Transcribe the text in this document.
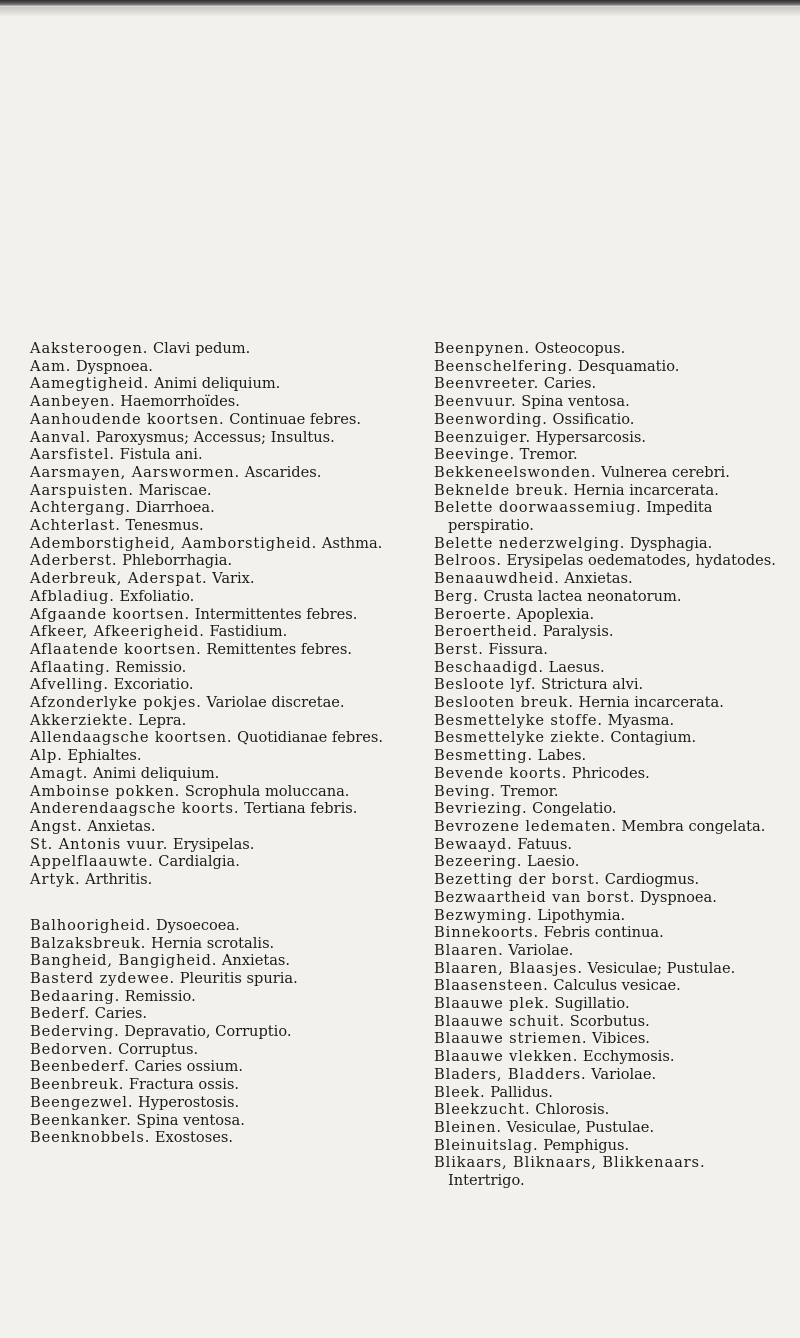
Aaksteroogen. Clavi pedum.

Aam. Dyspnoea.

Aamegtigheid. Animi deliquium.

Aanbeyen. Haemorrhoïdes.

Aanhoudende koortsen. Continuae febres.

Aanval. Paroxysmus; Accessus; Insultus.

Aarsfistel. Fistula ani.

Aarsmayen, Aarswormen. Ascarides.

Aarspuisten. Mariscae.

Achtergang. Diarrhoea.

Achterlast. Tenesmus.

Ademborstigheid, Aamborstigheid. Asthma.

Aderberst. Phleborrhagia.

Aderbreuk, Aderspat. Varix.

Afbladiug. Exfoliatio.

Afgaande koortsen. Intermittentes febres.

Afkeer, Afkeerigheid. Fastidium.

Aflaatende koortsen. Remittentes febres.

Aflaating. Remissio.

Afvelling. Excoriatio.

Afzonderlyke pokjes. Variolae discretae.

Akkerziekte. Lepra.

Allendaagsche koortsen. Quotidianae febres.

Alp. Ephialtes.

Amagt. Animi deliquium.

Amboinse pokken. Scrophula moluccana.

Anderendaagsche koorts. Tertiana febris.

Angst. Anxietas.

St. Antonis vuur. Erysipelas.

Appelflaauwte. Cardialgia.

Artyk. Arthritis.

Balhoorigheid. Dysoecoea.

Balzaksbreuk. Hernia scrotalis.

Bangheid, Bangigheid. Anxietas.

Basterd zydewee. Pleuritis spuria.

Bedaaring. Remissio.

Bederf. Caries.

Bederving. Depravatio, Corruptio.

Bedorven. Corruptus.

Beenbederf. Caries ossium.

Beenbreuk. Fractura ossis.

Beengezwel. Hyperostosis.

Beenkanker. Spina ventosa.

Beenknobbels. Exostoses.

Beenpynen. Osteocopus.

Beenschelfering. Desquamatio.

Beenvreeter. Caries.

Beenvuur. Spina ventosa.

Beenwording. Ossificatio.

Beenzuiger. Hypersarcosis.

Beevinge. Tremor.

Bekkeneelswonden. Vulnerea cerebri.

Beknelde breuk. Hernia incarcerata.

Belette doorwaassemiug. Impedita perspiratio.

Belette nederzwelging. Dysphagia.

Belroos. Erysipelas oedematodes, hydatodes.

Benaauwdheid. Anxietas.

Berg. Crusta lactea neonatorum.

Beroerte. Apoplexia.

Beroertheid. Paralysis.

Berst. Fissura.

Beschaadigd. Laesus.

Besloote lyf. Strictura alvi.

Beslooten breuk. Hernia incarcerata.

Besmettelyke stoffe. Myasma.

Besmettelyke ziekte. Contagium.

Besmetting. Labes.

Bevende koorts. Phricodes.

Beving. Tremor.

Bevriezing. Congelatio.

Bevrozene ledematen. Membra congelata.

Bewaayd. Fatuus.

Bezeering. Laesio.

Bezetting der borst. Cardiogmus.

Bezwaartheid van borst. Dyspnoea.

Bezwyming. Lipothymia.

Binnekoorts. Febris continua.

Blaaren. Variolae.

Blaaren, Blaasjes. Vesiculae; Pustulae.

Blaasensteen. Calculus vesicae.

Blaauwe plek. Sugillatio.

Blaauwe schuit. Scorbutus.

Blaauwe striemen. Vibices.

Blaauwe vlekken. Ecchymosis.

Bladers, Bladders. Variolae.

Bleek. Pallidus.

Bleekzucht. Chlorosis.

Bleinen. Vesiculae, Pustulae.

Bleinuitslag. Pemphigus.

Blikaars, Bliknaars, Blikkenaars. Intertrigo.
